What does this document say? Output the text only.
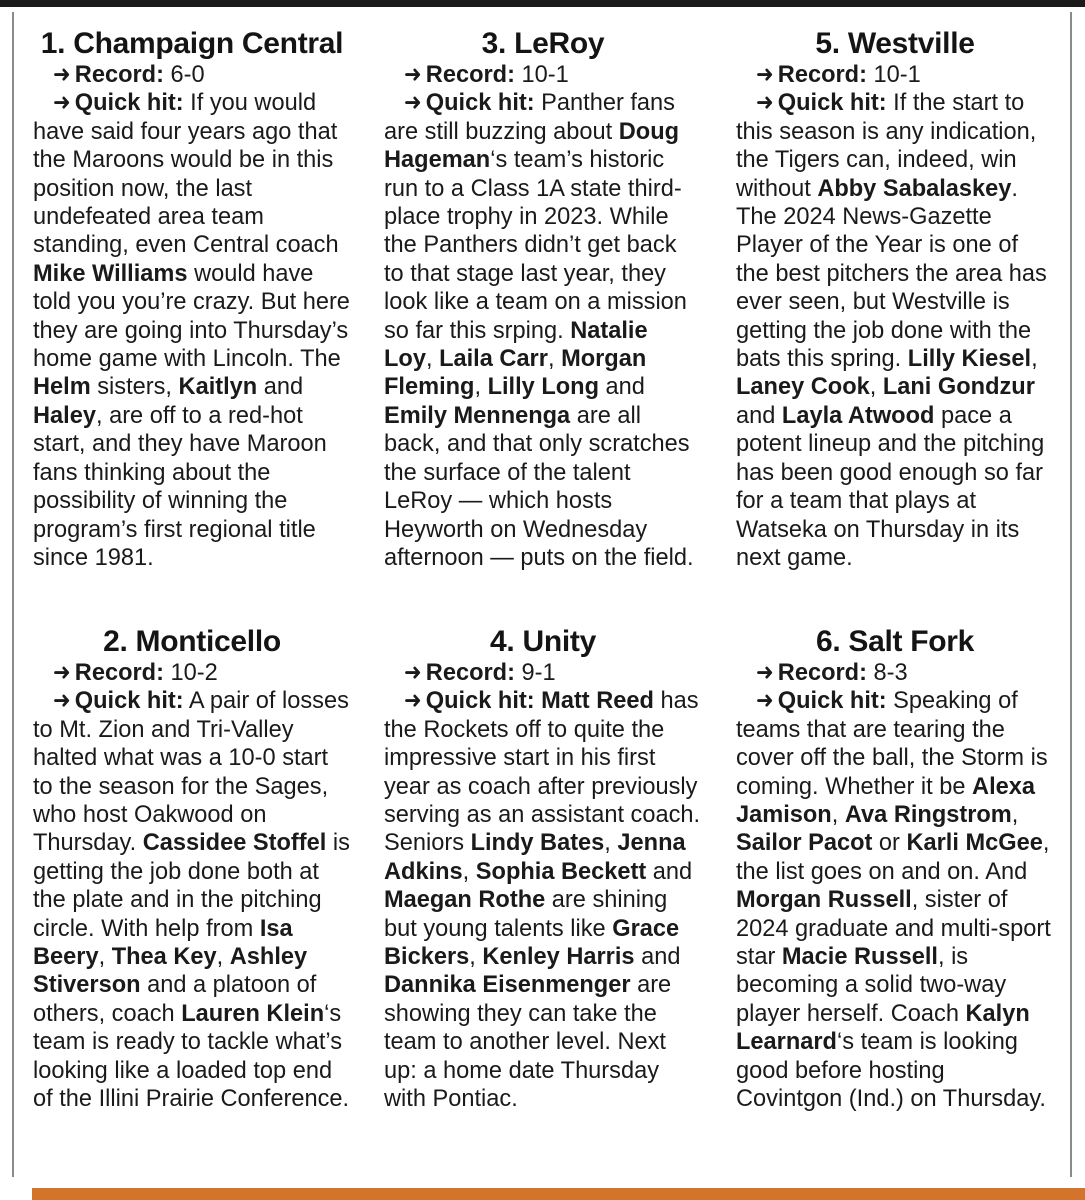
1. Champaign Central
➜ Record: 6-0
➜ Quick hit: If you would have said four years ago that the Maroons would be in this position now, the last undefeated area team standing, even Central coach Mike Williams would have told you you’re crazy. But here they are going into Thursday’s home game with Lincoln. The Helm sisters, Kaitlyn and Haley, are off to a red-hot start, and they have Maroon fans thinking about the possibility of winning the program’s first regional title since 1981.
2. Monticello
➜ Record: 10-2
➜ Quick hit: A pair of losses to Mt. Zion and Tri-Valley halted what was a 10-0 start to the season for the Sages, who host Oakwood on Thursday. Cassidee Stoffel is getting the job done both at the plate and in the pitching circle. With help from Isa Beery, Thea Key, Ashley Stiverson and a platoon of others, coach Lauren Klein‘s team is ready to tackle what’s looking like a loaded top end of the Illini Prairie Conference.
3. LeRoy
➜ Record: 10-1
➜ Quick hit: Panther fans are still buzzing about Doug Hageman‘s team’s historic run to a Class 1A state third-place trophy in 2023. While the Panthers didn’t get back to that stage last year, they look like a team on a mission so far this srping. Natalie Loy, Laila Carr, Morgan Fleming, Lilly Long and Emily Mennenga are all back, and that only scratches the surface of the talent LeRoy — which hosts Heyworth on Wednesday afternoon — puts on the field.
4. Unity
➜ Record: 9-1
➜ Quick hit: Matt Reed has the Rockets off to quite the impressive start in his first year as coach after previously serving as an assistant coach. Seniors Lindy Bates, Jenna Adkins, Sophia Beckett and Maegan Rothe are shining but young talents like Grace Bickers, Kenley Harris and Dannika Eisenmenger are showing they can take the team to another level. Next up: a home date Thursday with Pontiac.
5. Westville
➜ Record: 10-1
➜ Quick hit: If the start to this season is any indication, the Tigers can, indeed, win without Abby Sabalaskey. The 2024 News-Gazette Player of the Year is one of the best pitchers the area has ever seen, but Westville is getting the job done with the bats this spring. Lilly Kiesel, Laney Cook, Lani Gondzur and Layla Atwood pace a potent lineup and the pitching has been good enough so far for a team that plays at Watseka on Thursday in its next game.
6. Salt Fork
➜ Record: 8-3
➜ Quick hit: Speaking of teams that are tearing the cover off the ball, the Storm is coming. Whether it be Alexa Jamison, Ava Ringstrom, Sailor Pacot or Karli McGee, the list goes on and on. And Morgan Russell, sister of 2024 graduate and multi-sport star Macie Russell, is becoming a solid two-way player herself. Coach Kalyn Learnard‘s team is looking good before hosting Covintgon (Ind.) on Thursday.
